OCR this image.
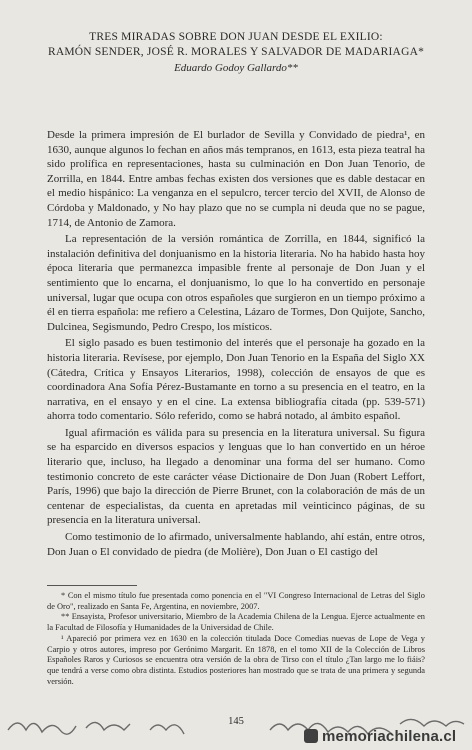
TRES MIRADAS SOBRE DON JUAN DESDE EL EXILIO:
RAMÓN SENDER, JOSÉ R. MORALES Y SALVADOR DE MADARIAGA*
Eduardo Godoy Gallardo**

Desde la primera impresión de El burlador de Sevilla y Convidado de piedra¹, en 1630, aunque algunos lo fechan en años más tempranos, en 1613, esta pieza teatral ha sido prolífica en representaciones, hasta su culminación en Don Juan Tenorio, de Zorrilla, en 1844. Entre ambas fechas existen dos versiones que es dable destacar en el medio hispánico: La venganza en el sepulcro, tercer tercio del XVII, de Alonso de Córdoba y Maldonado, y No hay plazo que no se cumpla ni deuda que no se pague, 1714, de Antonio de Zamora.

La representación de la versión romántica de Zorrilla, en 1844, significó la instalación definitiva del donjuanismo en la historia literaria. No ha habido hasta hoy época literaria que permanezca impasible frente al personaje de Don Juan y el sentimiento que lo encarna, el donjuanismo, lo que lo ha convertido en personaje universal, lugar que ocupa con otros españoles que surgieron en un tiempo próximo a él en tierra española: me refiero a Celestina, Lázaro de Tormes, Don Quijote, Sancho, Dulcinea, Segismundo, Pedro Crespo, los místicos.

El siglo pasado es buen testimonio del interés que el personaje ha gozado en la historia literaria. Revísese, por ejemplo, Don Juan Tenorio en la España del Siglo XX (Cátedra, Crítica y Ensayos Literarios, 1998), colección de ensayos de que es coordinadora Ana Sofía Pérez-Bustamante en torno a su presencia en el teatro, en la narrativa, en el ensayo y en el cine. La extensa bibliografía citada (pp. 539-571) ahorra todo comentario. Sólo referido, como se habrá notado, al ámbito español.

Igual afirmación es válida para su presencia en la literatura universal. Su figura se ha esparcido en diversos espacios y lenguas que lo han convertido en un héroe literario que, incluso, ha llegado a denominar una forma del ser humano. Como testimonio concreto de este carácter véase Dictionaire de Don Juan (Robert Leffort, París, 1996) que bajo la dirección de Pierre Brunet, con la colaboración de más de un centenar de especialistas, da cuenta en apretadas mil veinticinco páginas, de su presencia en la literatura universal.

Como testimonio de lo afirmado, universalmente hablando, ahí están, entre otros, Don Juan o El convidado de piedra (de Molière), Don Juan o El castigo del

* Con el mismo título fue presentada como ponencia en el "VI Congreso Internacional de Letras del Siglo de Oro", realizado en Santa Fe, Argentina, en noviembre, 2007.

** Ensayista, Profesor universitario, Miembro de la Academia Chilena de la Lengua. Ejerce actualmente en la Facultad de Filosofía y Humanidades de la Universidad de Chile.

¹ Apareció por primera vez en 1630 en la colección titulada Doce Comedias nuevas de Lope de Vega y Carpio y otros autores, impreso por Gerónimo Margarit. En 1878, en el tomo XII de la Colección de Libros Españoles Raros y Curiosos se encuentra otra versión de la obra de Tirso con el título ¿Tan largo me lo fiáis? que tendrá a verse como obra distinta. Estudios posteriores han mostrado que se trata de una primera y segunda versión.

145
memoriachilena.cl
